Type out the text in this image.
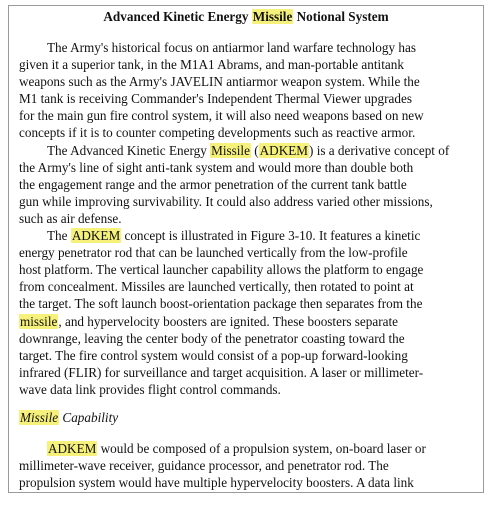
Advanced Kinetic Energy Missile Notional System
The Army's historical focus on antiarmor land warfare technology has
given it a superior tank, in the M1A1 Abrams, and man-portable antitank
weapons such as the Army's JAVELIN antiarmor weapon system. While the
M1 tank is receiving Commander's Independent Thermal Viewer upgrades
for the main gun fire control system, it will also need weapons based on new
concepts if it is to counter competing developments such as reactive armor.
The Advanced Kinetic Energy Missile (ADKEM) is a derivative concept of
the Army's line of sight anti-tank system and would more than double both
the engagement range and the armor penetration of the current tank battle
gun while improving survivability. It could also address varied other missions,
such as air defense.
The ADKEM concept is illustrated in Figure 3-10. It features a kinetic
energy penetrator rod that can be launched vertically from the low-profile
host platform. The vertical launcher capability allows the platform to engage
from concealment. Missiles are launched vertically, then rotated to point at
the target. The soft launch boost-orientation package then separates from the
missile, and hypervelocity boosters are ignited. These boosters separate
downrange, leaving the center body of the penetrator coasting toward the
target. The fire control system would consist of a pop-up forward-looking
infrared (FLIR) for surveillance and target acquisition. A laser or millimeter-
wave data link provides flight control commands.
Missile Capability
ADKEM would be composed of a propulsion system, on-board laser or
millimeter-wave receiver, guidance processor, and penetrator rod. The
propulsion system would have multiple hypervelocity boosters. A data link
